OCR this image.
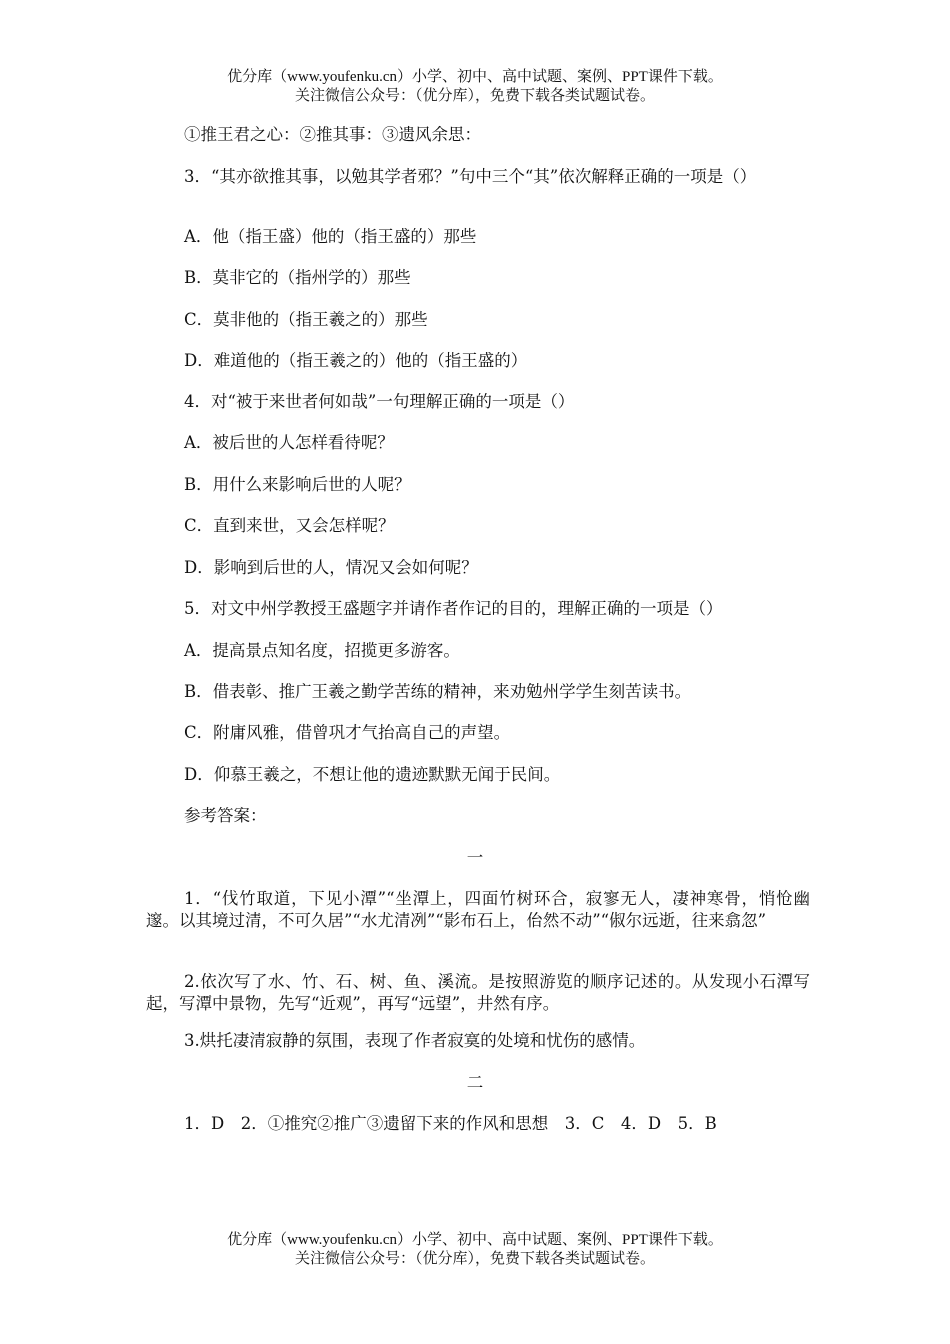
优分库（www.youfenku.cn）小学、初中、高中试题、案例、PPT课件下载。
关注微信公众号：（优分库），免费下载各类试题试卷。
①推王君之心：②推其事：③遗风余思：
3．“其亦欲推其事，以勉其学者邪？”句中三个“其”依次解释正确的一项是（）
A．他（指王盛）他的（指王盛的）那些
B．莫非它的（指州学的）那些
C．莫非他的（指王羲之的）那些
D．难道他的（指王羲之的）他的（指王盛的）
4．对“被于来世者何如哉”一句理解正确的一项是（）
A．被后世的人怎样看待呢？
B．用什么来影响后世的人呢？
C．直到来世，又会怎样呢？
D．影响到后世的人，情况又会如何呢？
5．对文中州学教授王盛题字并请作者作记的目的，理解正确的一项是（）
A．提高景点知名度，招揽更多游客。
B．借表彰、推广王羲之勤学苦练的精神，来劝勉州学学生刻苦读书。
C．附庸风雅，借曾巩才气抬高自己的声望。
D．仰慕王羲之，不想让他的遗迹默默无闻于民间。
参考答案：
一
1．“伐竹取道，下见小潭”“坐潭上，四面竹树环合，寂寥无人，凄神寒骨，悄怆幽邃。以其境过清，不可久居”“水尤清冽”“影布石上，佁然不动”“俶尔远逝，往来翕忽”
2.依次写了水、竹、石、树、鱼、溪流。是按照游览的顺序记述的。从发现小石潭写起，写潭中景物，先写“近观”，再写“远望”，井然有序。
3.烘托凄清寂静的氛围，表现了作者寂寞的处境和忧伤的感情。
二
1．D　2．①推究②推广③遗留下来的作风和思想　3．C　4．D　5．B
优分库（www.youfenku.cn）小学、初中、高中试题、案例、PPT课件下载。
关注微信公众号：（优分库），免费下载各类试题试卷。
